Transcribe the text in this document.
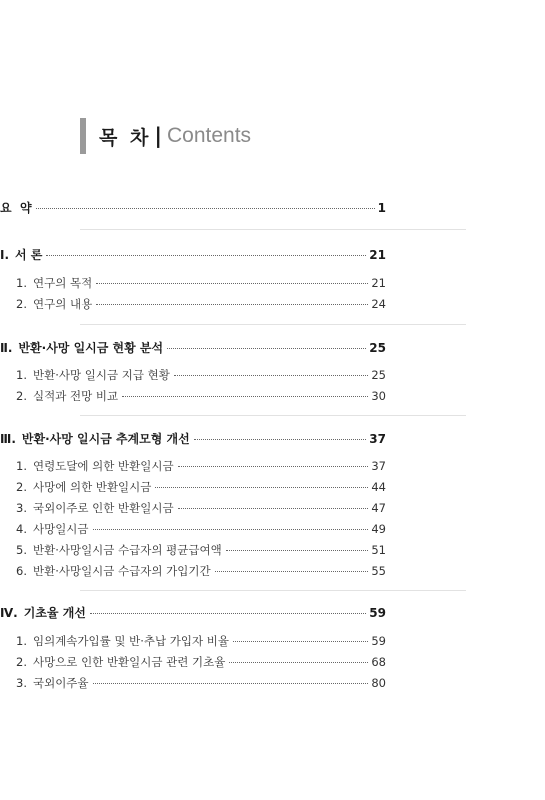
목 차 | Contents
요  약	1
Ⅰ. 서 론	21
1. 연구의 목적	21
2. 연구의 내용	24
Ⅱ. 반환·사망 일시금 현황 분석	25
1. 반환·사망 일시금 지급 현황	25
2. 실적과 전망 비교	30
Ⅲ. 반환·사망 일시금 추계모형 개선	37
1. 연령도달에 의한 반환일시금	37
2. 사망에 의한 반환일시금	44
3. 국외이주로 인한 반환일시금	47
4. 사망일시금	49
5. 반환·사망일시금 수급자의 평균급여액	51
6. 반환·사망일시금 수급자의 가입기간	55
Ⅳ. 기초율 개선	59
1. 임의계속가입률 및 반·추납 가입자 비율	59
2. 사망으로 인한 반환일시금 관련 기초율	68
3. 국외이주율	80
